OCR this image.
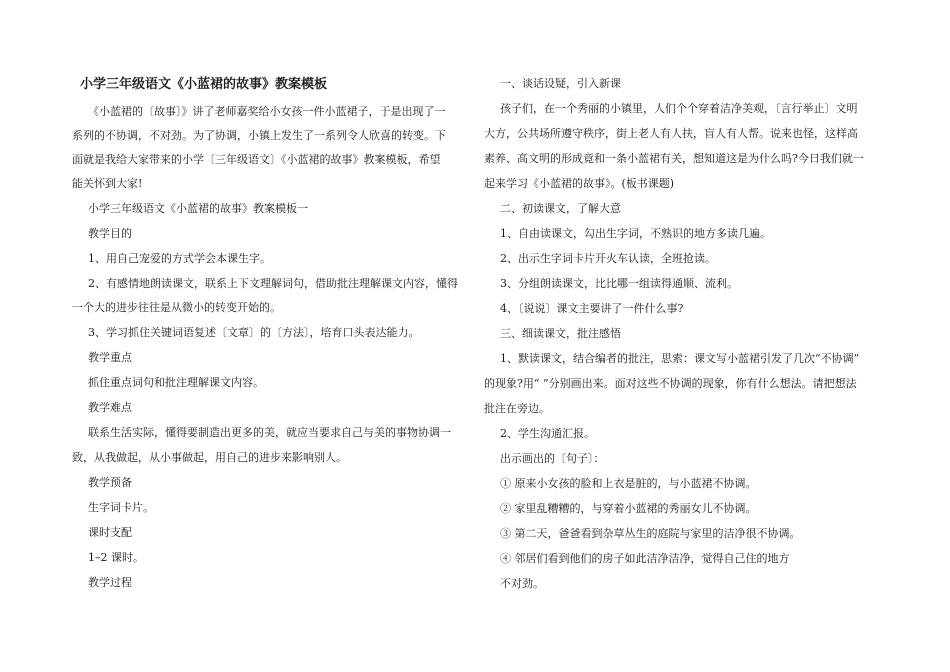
小学三年级语文《小蓝裙的故事》教案模板
《小蓝裙的〔故事〕》讲了老师嘉奖给小女孩一件小蓝裙子，于是出现了一
系列的不协调，不对劲。为了协调，小镇上发生了一系列令人欣喜的转变。下
面就是我给大家带来的小学〔三年级语文〕《小蓝裙的故事》教案模板，希望
能关怀到大家!
小学三年级语文《小蓝裙的故事》教案模板一
教学目的
1、用自己宠爱的方式学会本课生字。
2、有感情地朗读课文，联系上下文理解词句，借助批注理解课文内容，懂得
一个大的进步往往是从微小的转变开始的。
3、学习抓住关键词语复述〔文章〕的〔方法〕，培育口头表达能力。
教学重点
抓住重点词句和批注理解课文内容。
教学难点
联系生活实际，懂得要制造出更多的美，就应当要求自己与美的事物协调一
致，从我做起，从小事做起，用自己的进步来影响别人。
教学预备
生字词卡片。
课时支配
1–2 课时。
教学过程
一、谈话设疑，引入新课
孩子们，在一个秀丽的小镇里，人们个个穿着洁净美观，〔言行举止〕文明
大方，公共场所遵守秩序，街上老人有人扶，盲人有人帮。说来也怪，这样高
素养、高文明的形成竟和一条小蓝裙有关，想知道这是为什么吗?今日我们就一
起来学习《小蓝裙的故事》。(板书课题)
二、初读课文，了解大意
1、自由读课文，勾出生字词，不熟识的地方多读几遍。
2、出示生字词卡片开火车认读，全班抢读。
3、分组朗读课文，比比哪一组读得通顺、流利。
4、〔说说〕课文主要讲了一件什么事?
三、细读课文，批注感悟
1、默读课文，结合编者的批注，思索：课文写小蓝裙引发了几次“不协调”
的现象?用“ ”分别画出来。面对这些不协调的现象，你有什么想法。请把想法
批注在旁边。
2、学生沟通汇报。
出示画出的〔句子〕：
① 原来小女孩的脸和上衣是脏的，与小蓝裙不协调。
② 家里乱糟糟的，与穿着小蓝裙的秀丽女儿不协调。
③ 第二天，爸爸看到杂草丛生的庭院与家里的洁净很不协调。
④ 邻居们看到他们的房子如此洁净洁净，觉得自己住的地方
不对劲。
